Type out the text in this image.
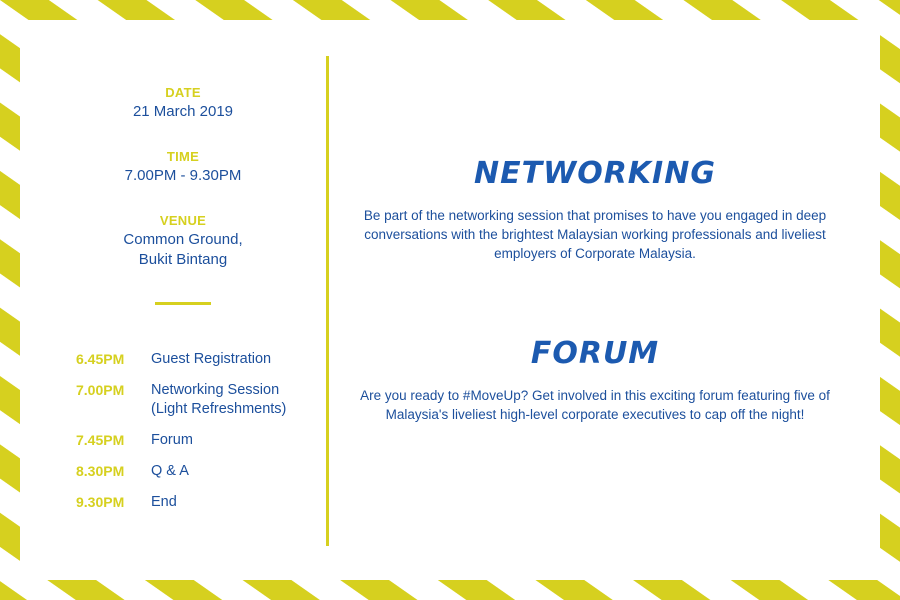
DATE
21 March 2019
TIME
7.00PM - 9.30PM
VENUE
Common Ground,
Bukit Bintang
6.45PM	Guest Registration
7.00PM	Networking Session
(Light Refreshments)
7.45PM	Forum
8.30PM	Q & A
9.30PM	End
NETWORKING
Be part of the networking session that promises to have you engaged in deep conversations with the brightest Malaysian working professionals and liveliest employers of Corporate Malaysia.
FORUM
Are you ready to #MoveUp? Get involved in this exciting forum featuring five of Malaysia's liveliest high-level corporate executives to cap off the night!
